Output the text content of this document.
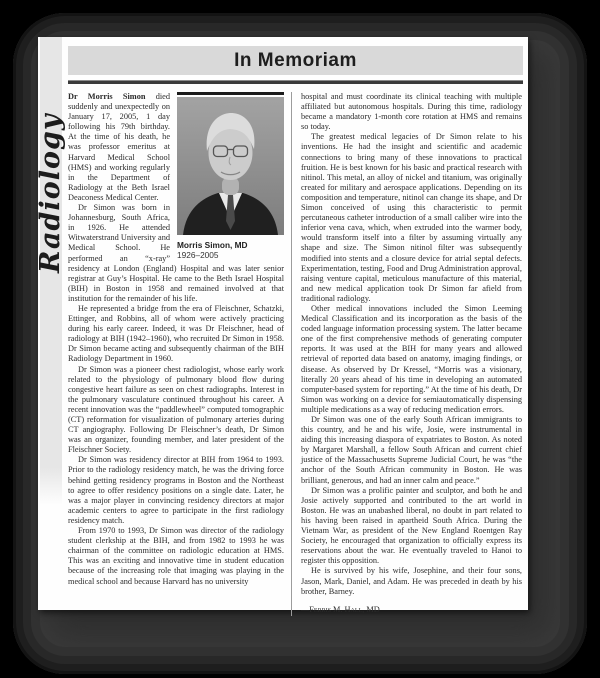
Radiology
In Memoriam
Morris Simon, MD
1926–2005

Dr Morris Simon died suddenly and unexpectedly on January 17, 2005, 1 day following his 79th birthday. At the time of his death, he was professor emeritus at Harvard Medical School (HMS) and working regularly in the Department of Radiology at the Beth Israel Deaconess Medical Center.

Dr Simon was born in Johannesburg, South Africa, in 1926. He attended Witwaterstrand University and Medical School. He performed an “x-ray” residency at London (England) Hospital and was later senior registrar at Guy’s Hospital. He came to the Beth Israel Hospital (BIH) in Boston in 1958 and remained involved at that institution for the remainder of his life.

He represented a bridge from the era of Fleischner, Schatzki, Ettinger, and Robbins, all of whom were actively practicing during his early career. Indeed, it was Dr Fleischner, head of radiology at BIH (1942–1960), who recruited Dr Simon in 1958. Dr Simon became acting and subsequently chairman of the BIH Radiology Department in 1960.

Dr Simon was a pioneer chest radiologist, whose early work related to the physiology of pulmonary blood flow during congestive heart failure as seen on chest radiographs. Interest in the pulmonary vasculature continued throughout his career. A recent innovation was the “paddlewheel” computed tomographic (CT) reformation for visualization of pulmonary arteries during CT angiography. Following Dr Fleischner’s death, Dr Simon was an organizer, founding member, and later president of the Fleischner Society.

Dr Simon was residency director at BIH from 1964 to 1993. Prior to the radiology residency match, he was the driving force behind getting residency programs in Boston and the Northeast to agree to offer residency positions on a single date. Later, he was a major player in convincing residency directors at major academic centers to agree to participate in the first radiology residency match.

From 1970 to 1993, Dr Simon was director of the radiology student clerkship at the BIH, and from 1982 to 1993 he was chairman of the committee on radiologic education at HMS. This was an exciting and innovative time in student education because of the increasing role that imaging was playing in the medical school and because Harvard has no university

hospital and must coordinate its clinical teaching with multiple affiliated but autonomous hospitals. During this time, radiology became a mandatory 1-month core rotation at HMS and remains so today.

The greatest medical legacies of Dr Simon relate to his inventions. He had the insight and scientific and academic connections to bring many of these innovations to practical fruition. He is best known for his basic and practical research with nitinol. This metal, an alloy of nickel and titanium, was originally created for military and aerospace applications. Depending on its composition and temperature, nitinol can change its shape, and Dr Simon conceived of using this characteristic to permit percutaneous catheter introduction of a small caliber wire into the inferior vena cava, which, when extruded into the warmer body, would transform itself into a filter by assuming virtually any shape and size. The Simon nitinol filter was subsequently modified into stents and a closure device for atrial septal defects. Experimentation, testing, Food and Drug Administration approval, raising venture capital, meticulous manufacture of this material, and new medical application took Dr Simon far afield from traditional radiology.

Other medical innovations included the Simon Leeming Medical Classification and its incorporation as the basis of the coded language information processing system. The latter became one of the first comprehensive methods of generating computer reports. It was used at the BIH for many years and allowed retrieval of reported data based on anatomy, imaging findings, or disease. As observed by Dr Kressel, “Morris was a visionary, literally 20 years ahead of his time in developing an automated computer-based system for reporting.” At the time of his death, Dr Simon was working on a device for semiautomatically dispensing multiple medications as a way of reducing medication errors.

Dr Simon was one of the early South African immigrants to this country, and he and his wife, Josie, were instrumental in aiding this increasing diaspora of expatriates to Boston. As noted by Margaret Marshall, a fellow South African and current chief justice of the Massachusetts Supreme Judicial Court, he was “the anchor of the South African community in Boston. He was brilliant, generous, and had an inner calm and peace.”

Dr Simon was a prolific painter and sculptor, and both he and Josie actively supported and contributed to the art world in Boston. He was an unabashed liberal, no doubt in part related to his having been raised in apartheid South Africa. During the Vietnam War, as president of the New England Roentgen Ray Society, he encouraged that organization to officially express its reservations about the war. He eventually traveled to Hanoi to register this opposition.

He is survived by his wife, Josephine, and their four sons, Jason, Mark, Daniel, and Adam. He was preceded in death by his brother, Barney.

—Ferris M. Hall, MD
